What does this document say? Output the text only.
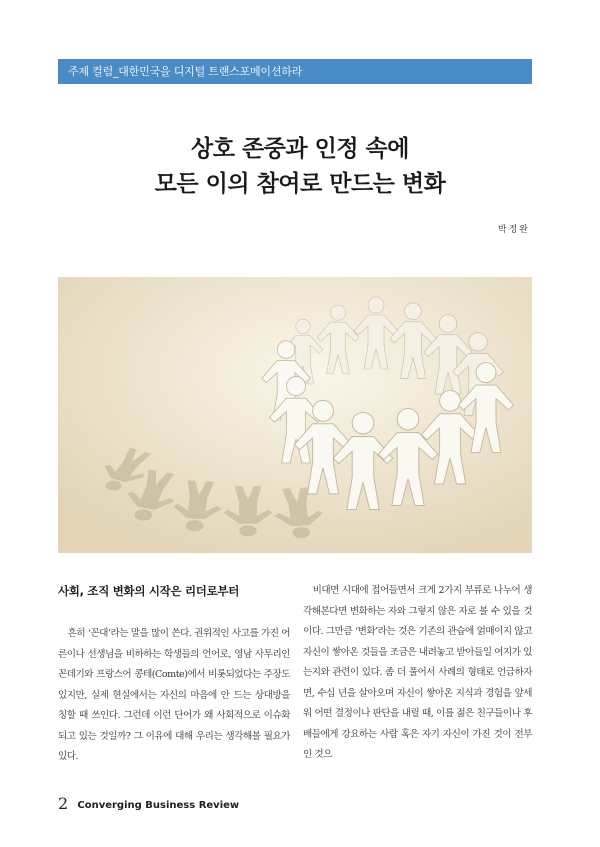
주제 컬럼_대한민국을 디지털 트랜스포메이션하라
상호 존중과 인정 속에
모든 이의 참여로 만드는 변화
박정완
사회, 조직 변화의 시작은 리더로부터

흔히 ‘꼰대’라는 말을 많이 쓴다. 권위적인 사고를 가진 어른이나 선생님을 비하하는 학생들의 언어로, 영남 사투리인 꼰데기와 프랑스어 콩테(Comte)에서 비롯되었다는 주장도 있지만, 실제 현실에서는 자신의 마음에 안 드는 상대방을 칭할 때 쓰인다. 그런데 이런 단어가 왜 사회적으로 이슈화되고 있는 것일까? 그 이유에 대해 우리는 생각해볼 필요가 있다.

비대면 시대에 접어들면서 크게 2가지 부류로 나누어 생각해본다면 변화하는 자와 그렇지 않은 자로 볼 수 있을 것이다. 그만큼 ‘변화’라는 것은 기존의 관습에 얽매이지 않고 자신이 쌓아온 것들을 조금은 내려놓고 받아들일 여지가 있는지와 관련이 있다. 좀 더 풀어서 사례의 형태로 언급하자면, 수십 년을 살아오며 자신이 쌓아온 지식과 경험을 앞세워 어떤 결정이나 판단을 내릴 때, 이를 젊은 친구들이나 후배들에게 강요하는 사람 혹은 자기 자신이 가진 것이 전부인 것으

2 Converging Business Review
